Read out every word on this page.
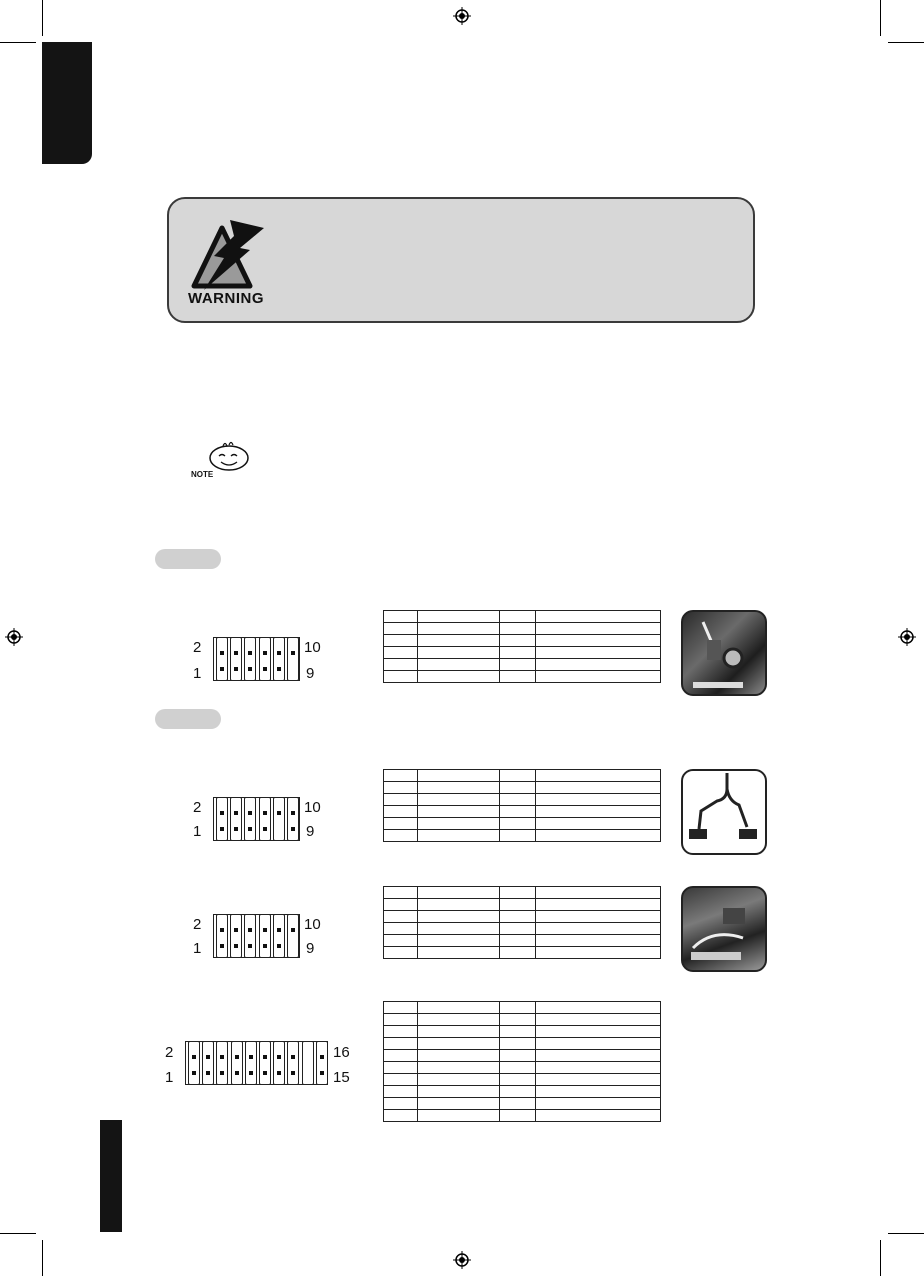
WARNING
NOTE
2
1
10
9
2
1
10
9
2
1
10
9
2
1
16
15
